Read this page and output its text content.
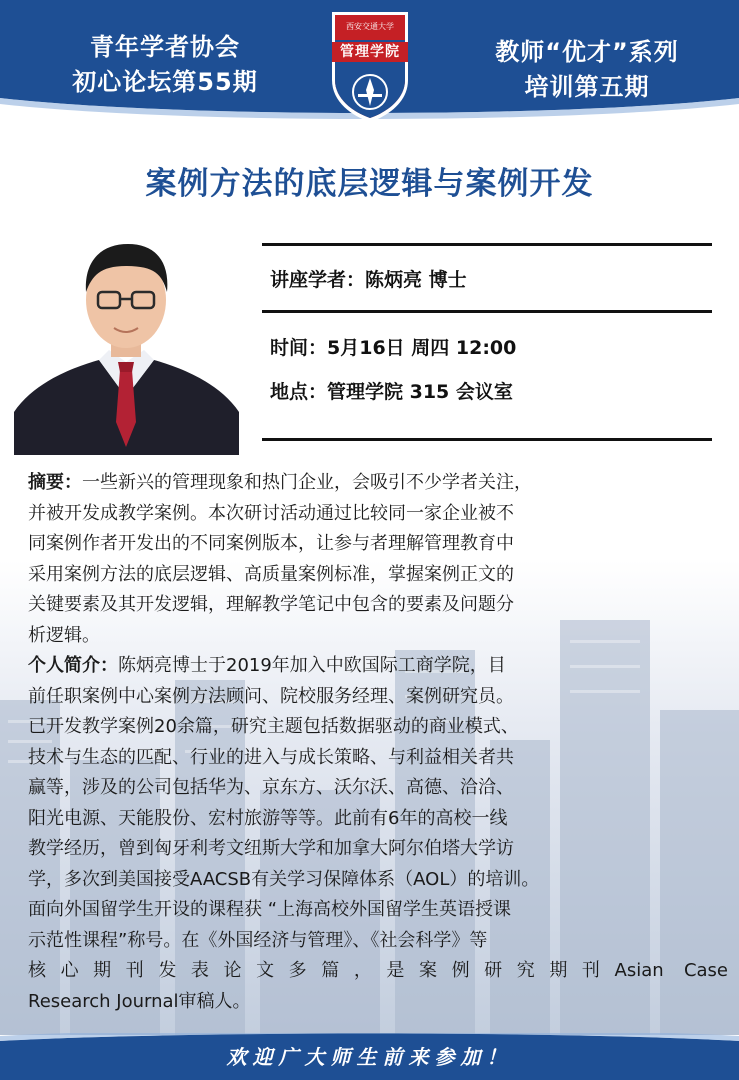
青年学者协会
初心论坛第55期
教师“优才”系列
培训第五期
西安交通大学
管理学院
案例方法的底层逻辑与案例开发
讲座学者：陈炳亮 博士
时间：5月16日 周四 12:00
地点：管理学院 315 会议室
摘要：一些新兴的管理现象和热门企业，会吸引不少学者关注，
并被开发成教学案例。本次研讨活动通过比较同一家企业被不
同案例作者开发出的不同案例版本，让参与者理解管理教育中
采用案例方法的底层逻辑、高质量案例标准，掌握案例正文的
关键要素及其开发逻辑，理解教学笔记中包含的要素及问题分
析逻辑。
个人简介：陈炳亮博士于2019年加入中欧国际工商学院，目
前任职案例中心案例方法顾问、院校服务经理、案例研究员。
已开发教学案例20余篇，研究主题包括数据驱动的商业模式、
技术与生态的匹配、行业的进入与成长策略、与利益相关者共
赢等，涉及的公司包括华为、京东方、沃尔沃、高德、洽洽、
阳光电源、天能股份、宏村旅游等等。此前有6年的高校一线
教学经历，曾到匈牙利考文纽斯大学和加拿大阿尔伯塔大学访
学，多次到美国接受AACSB有关学习保障体系（AOL）的培训。
面向外国留学生开设的课程获 “上海高校外国留学生英语授课
示范性课程”称号。在《外国经济与管理》、《社会科学》等
核心期刊发表论文多篇，是案例研究期刊Asian Case
Research Journal审稿人。
欢迎广大师生前来参加！
